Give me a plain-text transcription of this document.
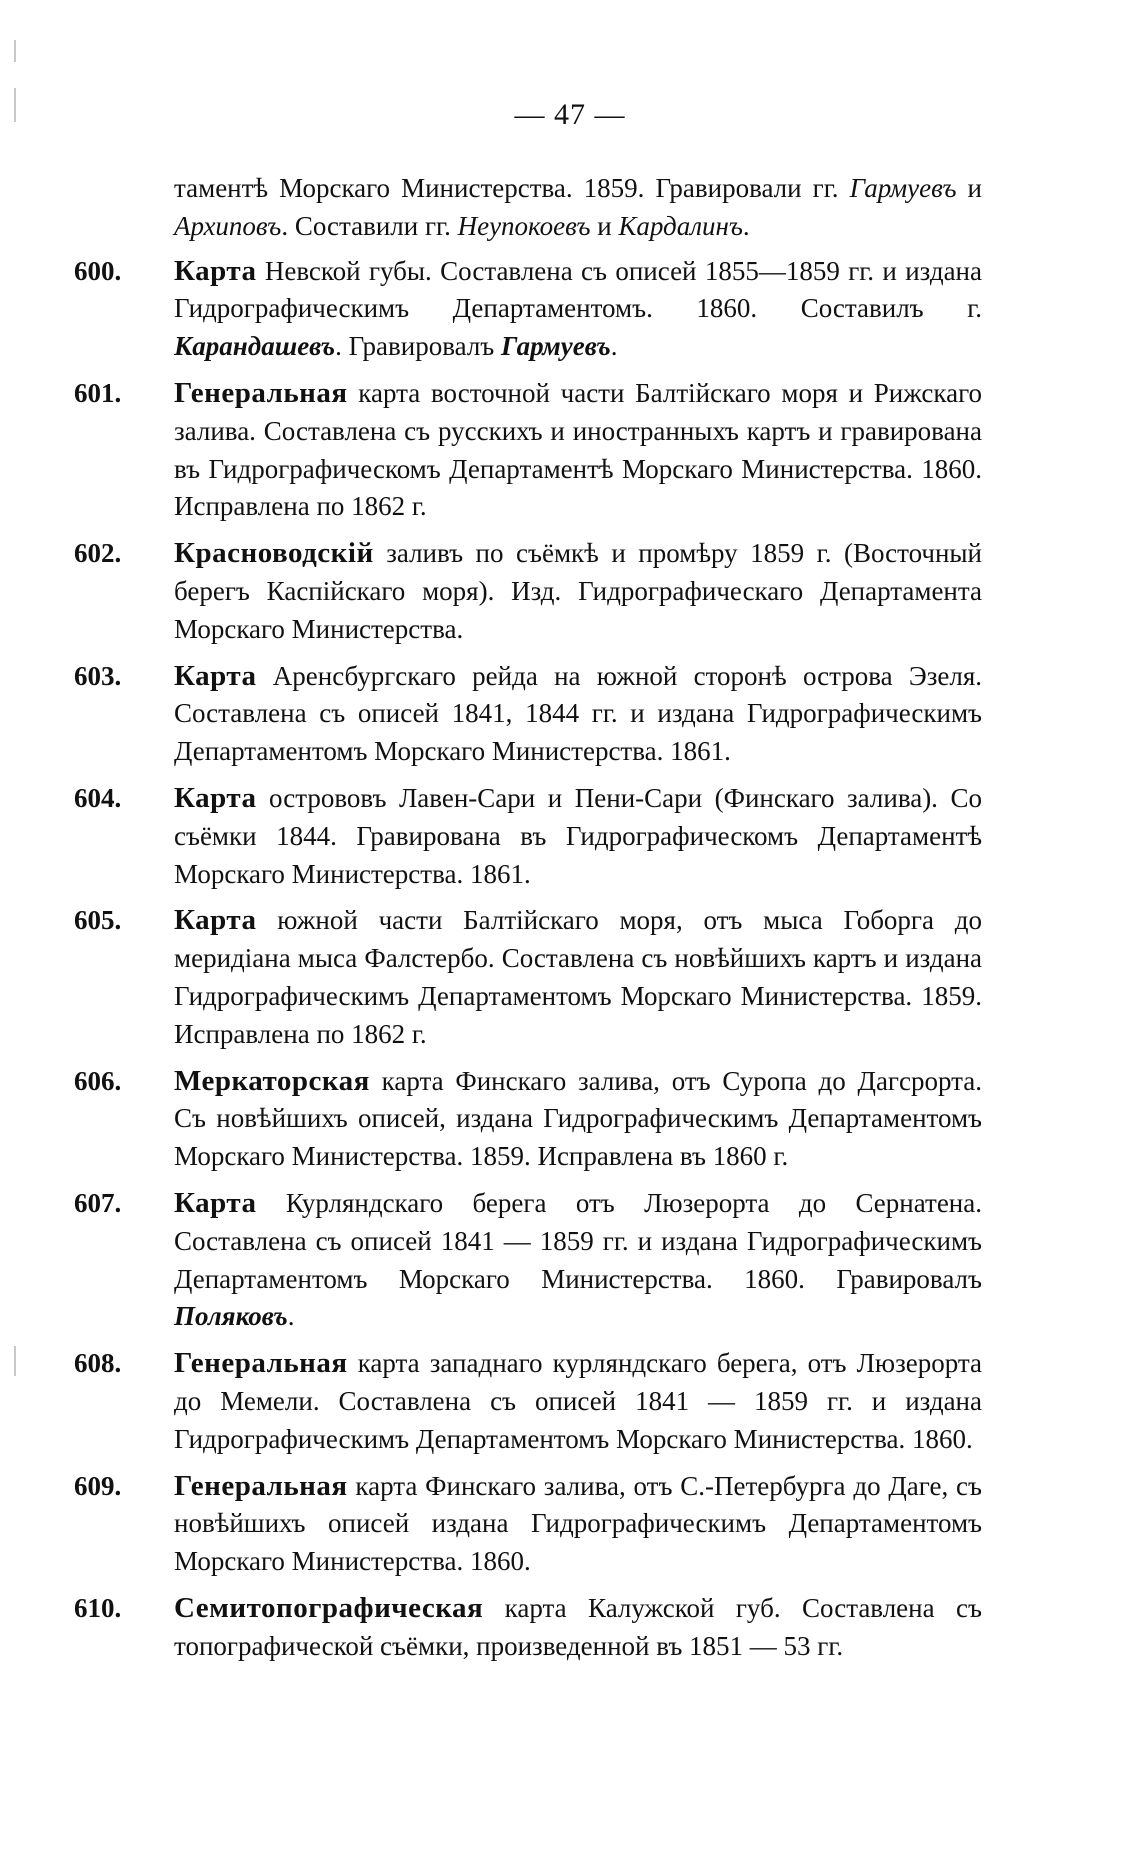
— 47 —

таментѣ Морскаго Министерства. 1859. Гравировали гг. Гармуевъ и Архиповъ. Составили гг. Неупокоевъ и Кардалинъ.

600.	Карта Невской губы. Составлена съ описей 1855—1859 гг. и издана Гидрографическимъ Департаментомъ. 1860. Составилъ г. Карандашевъ. Гравировалъ Гармуевъ.

601.	Генеральная карта восточной части Балтійскаго моря и Рижскаго залива. Составлена съ русскихъ и иностранныхъ картъ и гравирована въ Гидрографическомъ Департаментѣ Морскаго Министерства. 1860. Исправлена по 1862 г.

602.	Красноводскій заливъ по съёмкѣ и промѣру 1859 г. (Восточный берегъ Каспійскаго моря). Изд. Гидрографическаго Департамента Морскаго Министерства.

603.	Карта Аренсбургскаго рейда на южной сторонѣ острова Эзеля. Составлена съ описей 1841, 1844 гг. и издана Гидрографическимъ Департаментомъ Морскаго Министерства. 1861.

604.	Карта острововъ Лавен-Сари и Пени-Сари (Финскаго залива). Со съёмки 1844. Гравирована въ Гидрографическомъ Департаментѣ Морскаго Министерства. 1861.

605.	Карта южной части Балтійскаго моря, отъ мыса Гоборга до меридіана мыса Фалстербо. Составлена съ новѣйшихъ картъ и издана Гидрографическимъ Департаментомъ Морскаго Министерства. 1859. Исправлена по 1862 г.

606.	Меркаторская карта Финскаго залива, отъ Суропа до Дагсрорта. Съ новѣйшихъ описей, издана Гидрографическимъ Департаментомъ Морскаго Министерства. 1859. Исправлена въ 1860 г.

607.	Карта Курляндскаго берега отъ Люзерорта до Сернатена. Составлена съ описей 1841 — 1859 гг. и издана Гидрографическимъ Департаментомъ Морскаго Министерства. 1860. Гравировалъ Поляковъ.

608.	Генеральная карта западнаго курляндскаго берега, отъ Люзерорта до Мемели. Составлена съ описей 1841 — 1859 гг. и издана Гидрографическимъ Департаментомъ Морскаго Министерства. 1860.

609.	Генеральная карта Финскаго залива, отъ С.-Петербурга до Даге, съ новѣйшихъ описей издана Гидрографическимъ Департаментомъ Морскаго Министерства. 1860.

610.	Семитопографическая карта Калужской губ. Составлена съ топографической съёмки, произведенной въ 1851 — 53 гг.
